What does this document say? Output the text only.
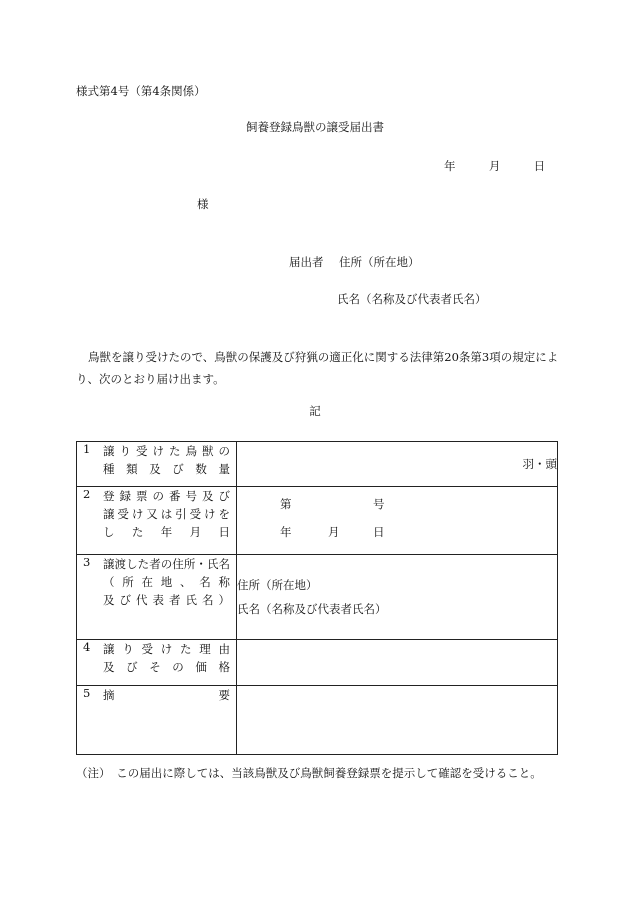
様式第4号（第4条関係）
飼養登録鳥獣の譲受届出書
年	月	日
様
届出者 住所（所在地）
氏名（名称及び代表者氏名）
鳥獣を譲り受けたので、鳥獣の保護及び狩猟の適正化に関する法律第20条第3項の規定により、次のとおり届け出ます。
記
1 譲り受けた鳥獣の
種類及び数量	羽・頭

2 登録票の番号及び
譲受け又は引受けを
した年月日	第 号
年 月 日

3 譲渡した者の住所・氏名
（所在地、名称
及び代表者氏名）	住所（所在地）
氏名（名称及び代表者氏名）

4 譲り受けた理由
及びその価格	

5 摘要	

（注）　この届出に際しては、当該鳥獣及び鳥獣飼養登録票を提示して確認を受けること。
